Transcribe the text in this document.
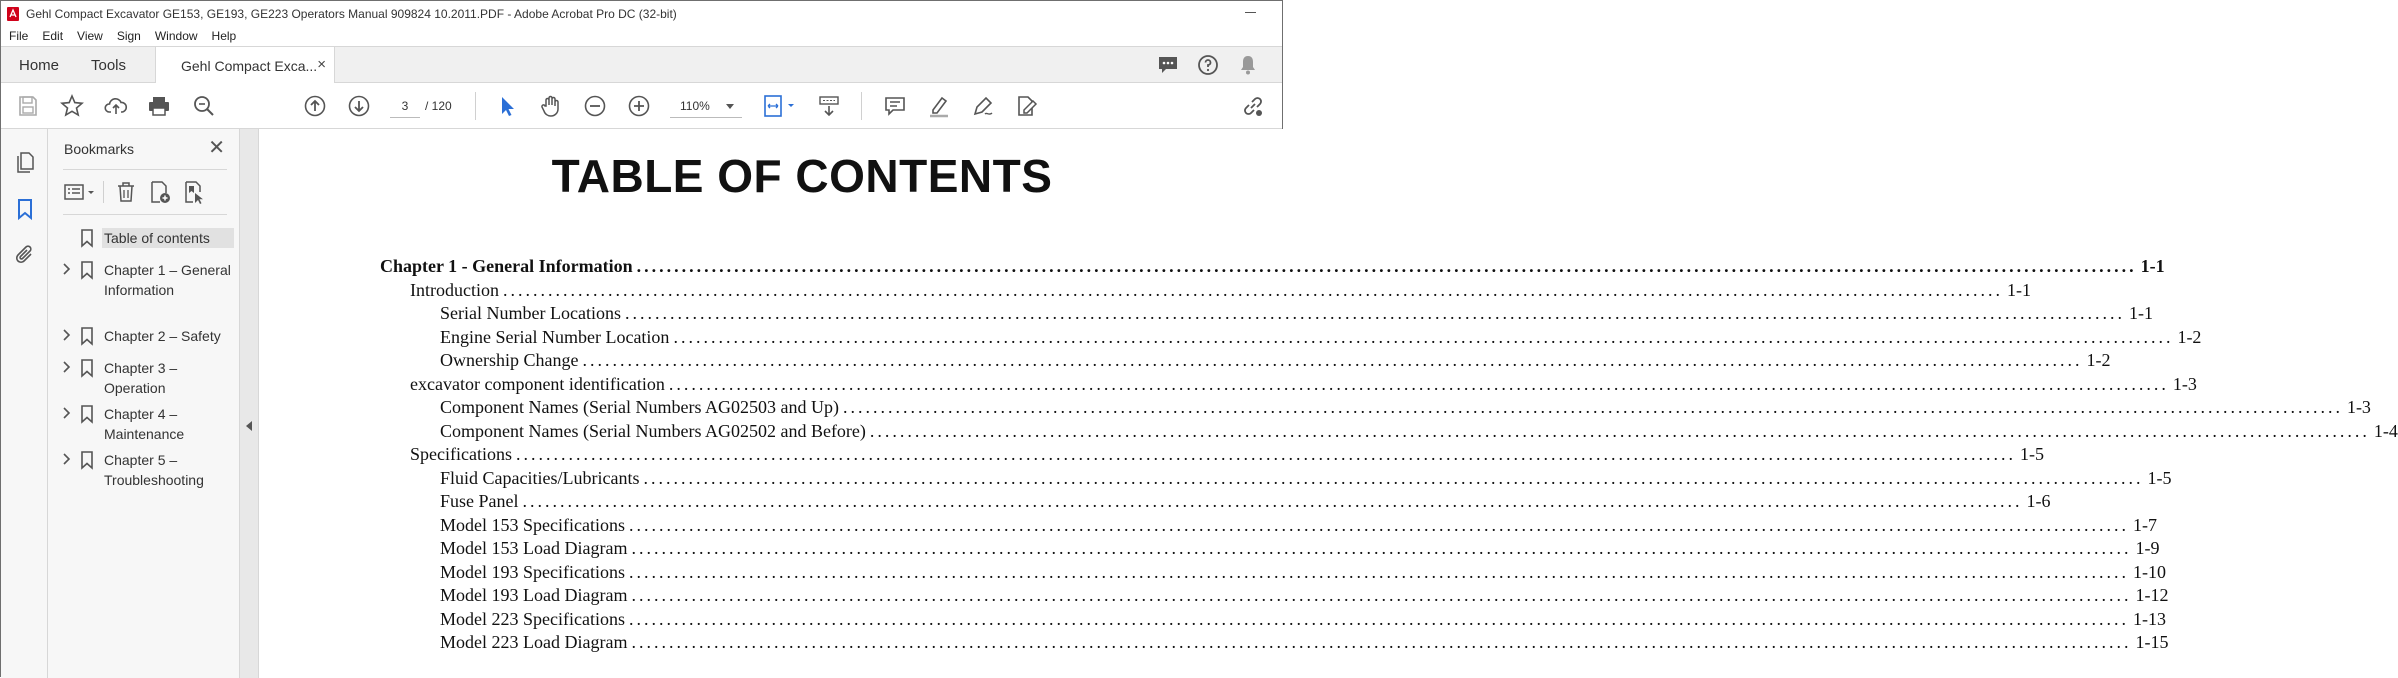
Gehl Compact Excavator GE153, GE193, GE223 Operators Manual 909824 10.2011.PDF - Adobe Acrobat Pro DC (32-bit)
File Edit View Sign Window Help
Home Tools	Gehl Compact Exca... ×
3	/ 120	110%
Bookmarks	✕
Table of contents
Chapter 1 – General Information
Chapter 2 – Safety
Chapter 3 – Operation
Chapter 4 – Maintenance
Chapter 5 – Troubleshooting
TABLE OF CONTENTS
Chapter 1 - General Information ........................................................................................................................................................................................................ 1-1
Introduction ........................................................................................................................................................................................................ 1-1
Serial Number Locations ........................................................................................................................................................................................................ 1-1
Engine Serial Number Location ........................................................................................................................................................................................................ 1-2
Ownership Change ........................................................................................................................................................................................................ 1-2
excavator component identification ........................................................................................................................................................................................................ 1-3
Component Names (Serial Numbers AG02503 and Up) ........................................................................................................................................................................................................ 1-3
Component Names (Serial Numbers AG02502 and Before) ........................................................................................................................................................................................................ 1-4
Specifications ........................................................................................................................................................................................................ 1-5
Fluid Capacities/Lubricants ........................................................................................................................................................................................................ 1-5
Fuse Panel ........................................................................................................................................................................................................ 1-6
Model 153 Specifications ........................................................................................................................................................................................................ 1-7
Model 153 Load Diagram ........................................................................................................................................................................................................ 1-9
Model 193 Specifications ........................................................................................................................................................................................................ 1-10
Model 193 Load Diagram ........................................................................................................................................................................................................ 1-12
Model 223 Specifications ........................................................................................................................................................................................................ 1-13
Model 223 Load Diagram ........................................................................................................................................................................................................ 1-15
